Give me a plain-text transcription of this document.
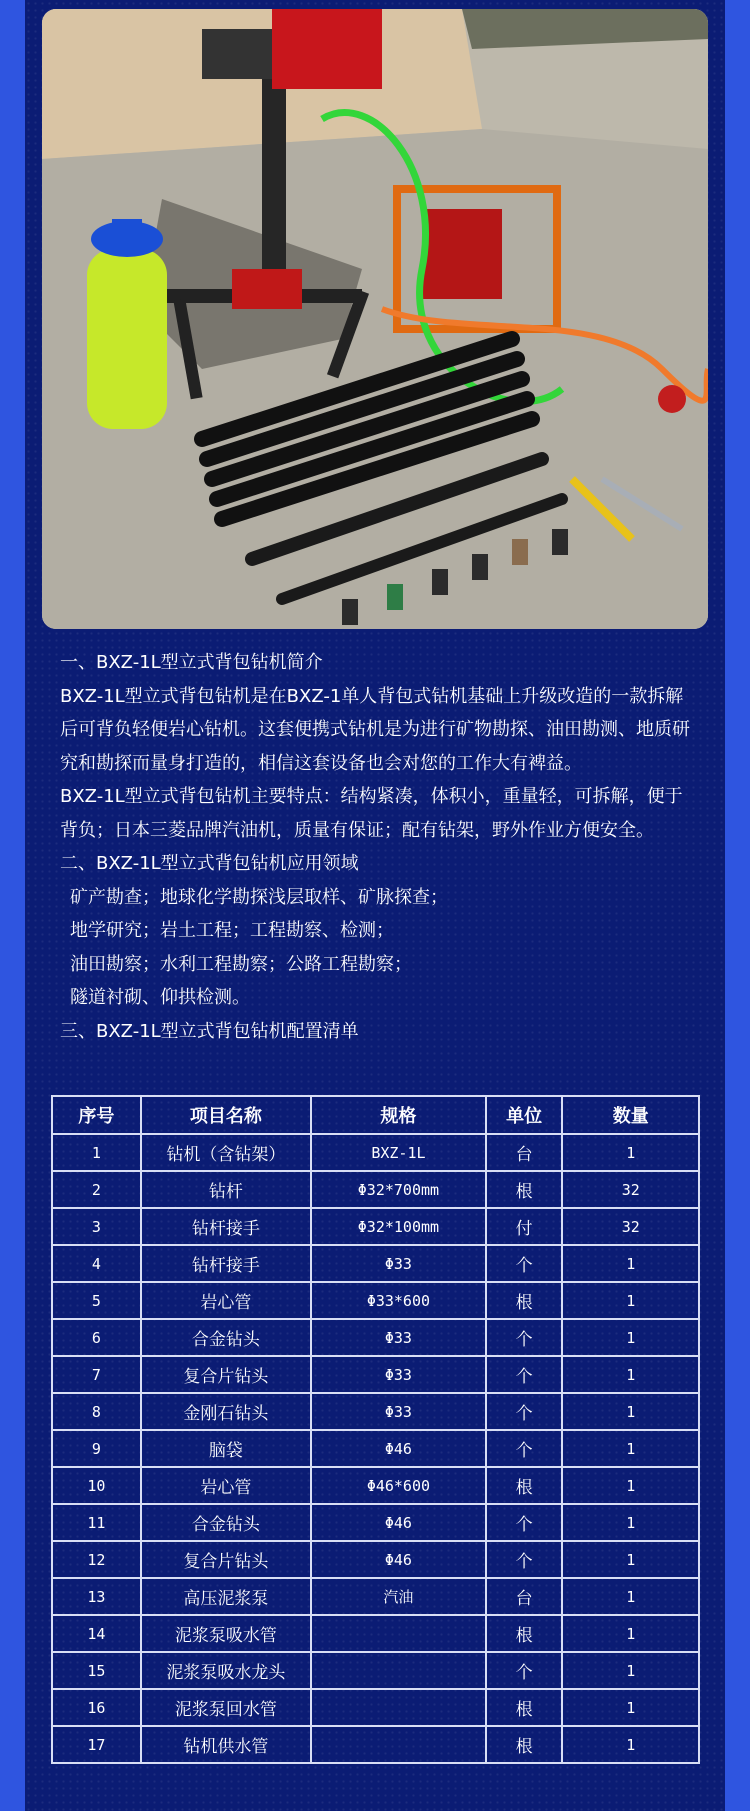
一、BXZ-1L型立式背包钻机简介

BXZ-1L型立式背包钻机是在BXZ-1单人背包式钻机基础上升级改造的一款拆解后可背负轻便岩心钻机。这套便携式钻机是为进行矿物勘探、油田勘测、地质研究和勘探而量身打造的，相信这套设备也会对您的工作大有裨益。

BXZ-1L型立式背包钻机主要特点：结构紧凑，体积小，重量轻，可拆解，便于背负；日本三菱品牌汽油机，质量有保证；配有钻架，野外作业方便安全。

二、BXZ-1L型立式背包钻机应用领域

矿产勘查；地球化学勘探浅层取样、矿脉探查；

地学研究；岩土工程；工程勘察、检测；

油田勘察；水利工程勘察；公路工程勘察；

隧道衬砌、仰拱检测。

三、BXZ-1L型立式背包钻机配置清单

序号	项目名称	规格	单位	数量
1	钻机（含钻架）	BXZ-1L	台	1
2	钻杆	Φ32*700mm	根	32
3	钻杆接手	Φ32*100mm	付	32
4	钻杆接手	Φ33	个	1
5	岩心管	Φ33*600	根	1
6	合金钻头	Φ33	个	1
7	复合片钻头	Φ33	个	1
8	金刚石钻头	Φ33	个	1
9	脑袋	Φ46	个	1
10	岩心管	Φ46*600	根	1
11	合金钻头	Φ46	个	1
12	复合片钻头	Φ46	个	1
13	高压泥浆泵	汽油	台	1
14	泥浆泵吸水管		根	1
15	泥浆泵吸水龙头		个	1
16	泥浆泵回水管		根	1
17	钻机供水管		根	1
